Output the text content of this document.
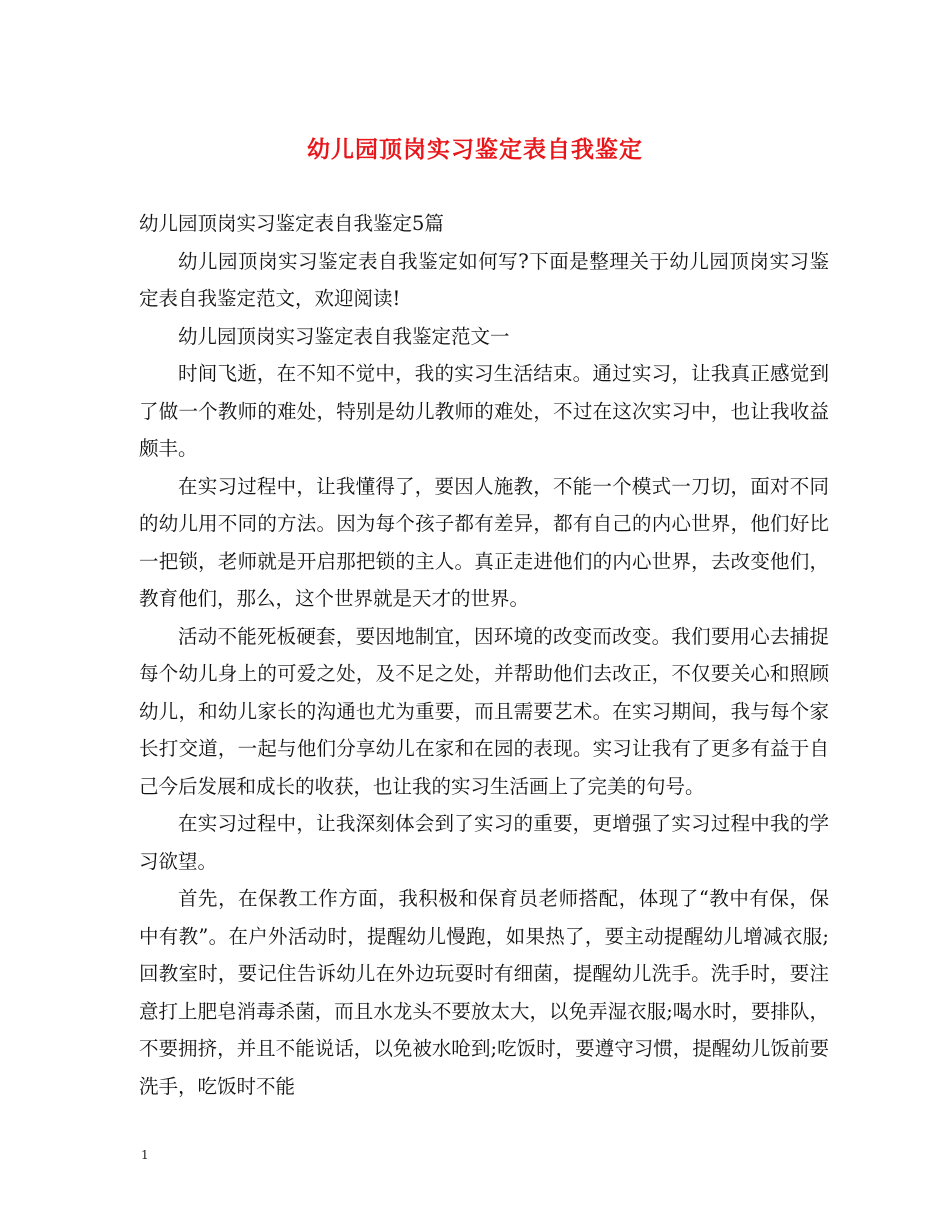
幼儿园顶岗实习鉴定表自我鉴定

幼儿园顶岗实习鉴定表自我鉴定5篇

幼儿园顶岗实习鉴定表自我鉴定如何写?下面是整理关于幼儿园顶岗实习鉴定表自我鉴定范文，欢迎阅读!

幼儿园顶岗实习鉴定表自我鉴定范文一

时间飞逝，在不知不觉中，我的实习生活结束。通过实习，让我真正感觉到了做一个教师的难处，特别是幼儿教师的难处，不过在这次实习中，也让我收益颇丰。

在实习过程中，让我懂得了，要因人施教，不能一个模式一刀切，面对不同的幼儿用不同的方法。因为每个孩子都有差异，都有自己的内心世界，他们好比一把锁，老师就是开启那把锁的主人。真正走进他们的内心世界，去改变他们，教育他们，那么，这个世界就是天才的世界。

活动不能死板硬套，要因地制宜，因环境的改变而改变。我们要用心去捕捉每个幼儿身上的可爱之处，及不足之处，并帮助他们去改正，不仅要关心和照顾幼儿，和幼儿家长的沟通也尤为重要，而且需要艺术。在实习期间，我与每个家长打交道，一起与他们分享幼儿在家和在园的表现。实习让我有了更多有益于自己今后发展和成长的收获，也让我的实习生活画上了完美的句号。

在实习过程中，让我深刻体会到了实习的重要，更增强了实习过程中我的学习欲望。

首先，在保教工作方面，我积极和保育员老师搭配，体现了“教中有保，保中有教”。在户外活动时，提醒幼儿慢跑，如果热了，要主动提醒幼儿增减衣服;回教室时，要记住告诉幼儿在外边玩耍时有细菌，提醒幼儿洗手。洗手时，要注意打上肥皂消毒杀菌，而且水龙头不要放太大，以免弄湿衣服;喝水时，要排队，不要拥挤，并且不能说话，以免被水呛到;吃饭时，要遵守习惯，提醒幼儿饭前要洗手，吃饭时不能

1
